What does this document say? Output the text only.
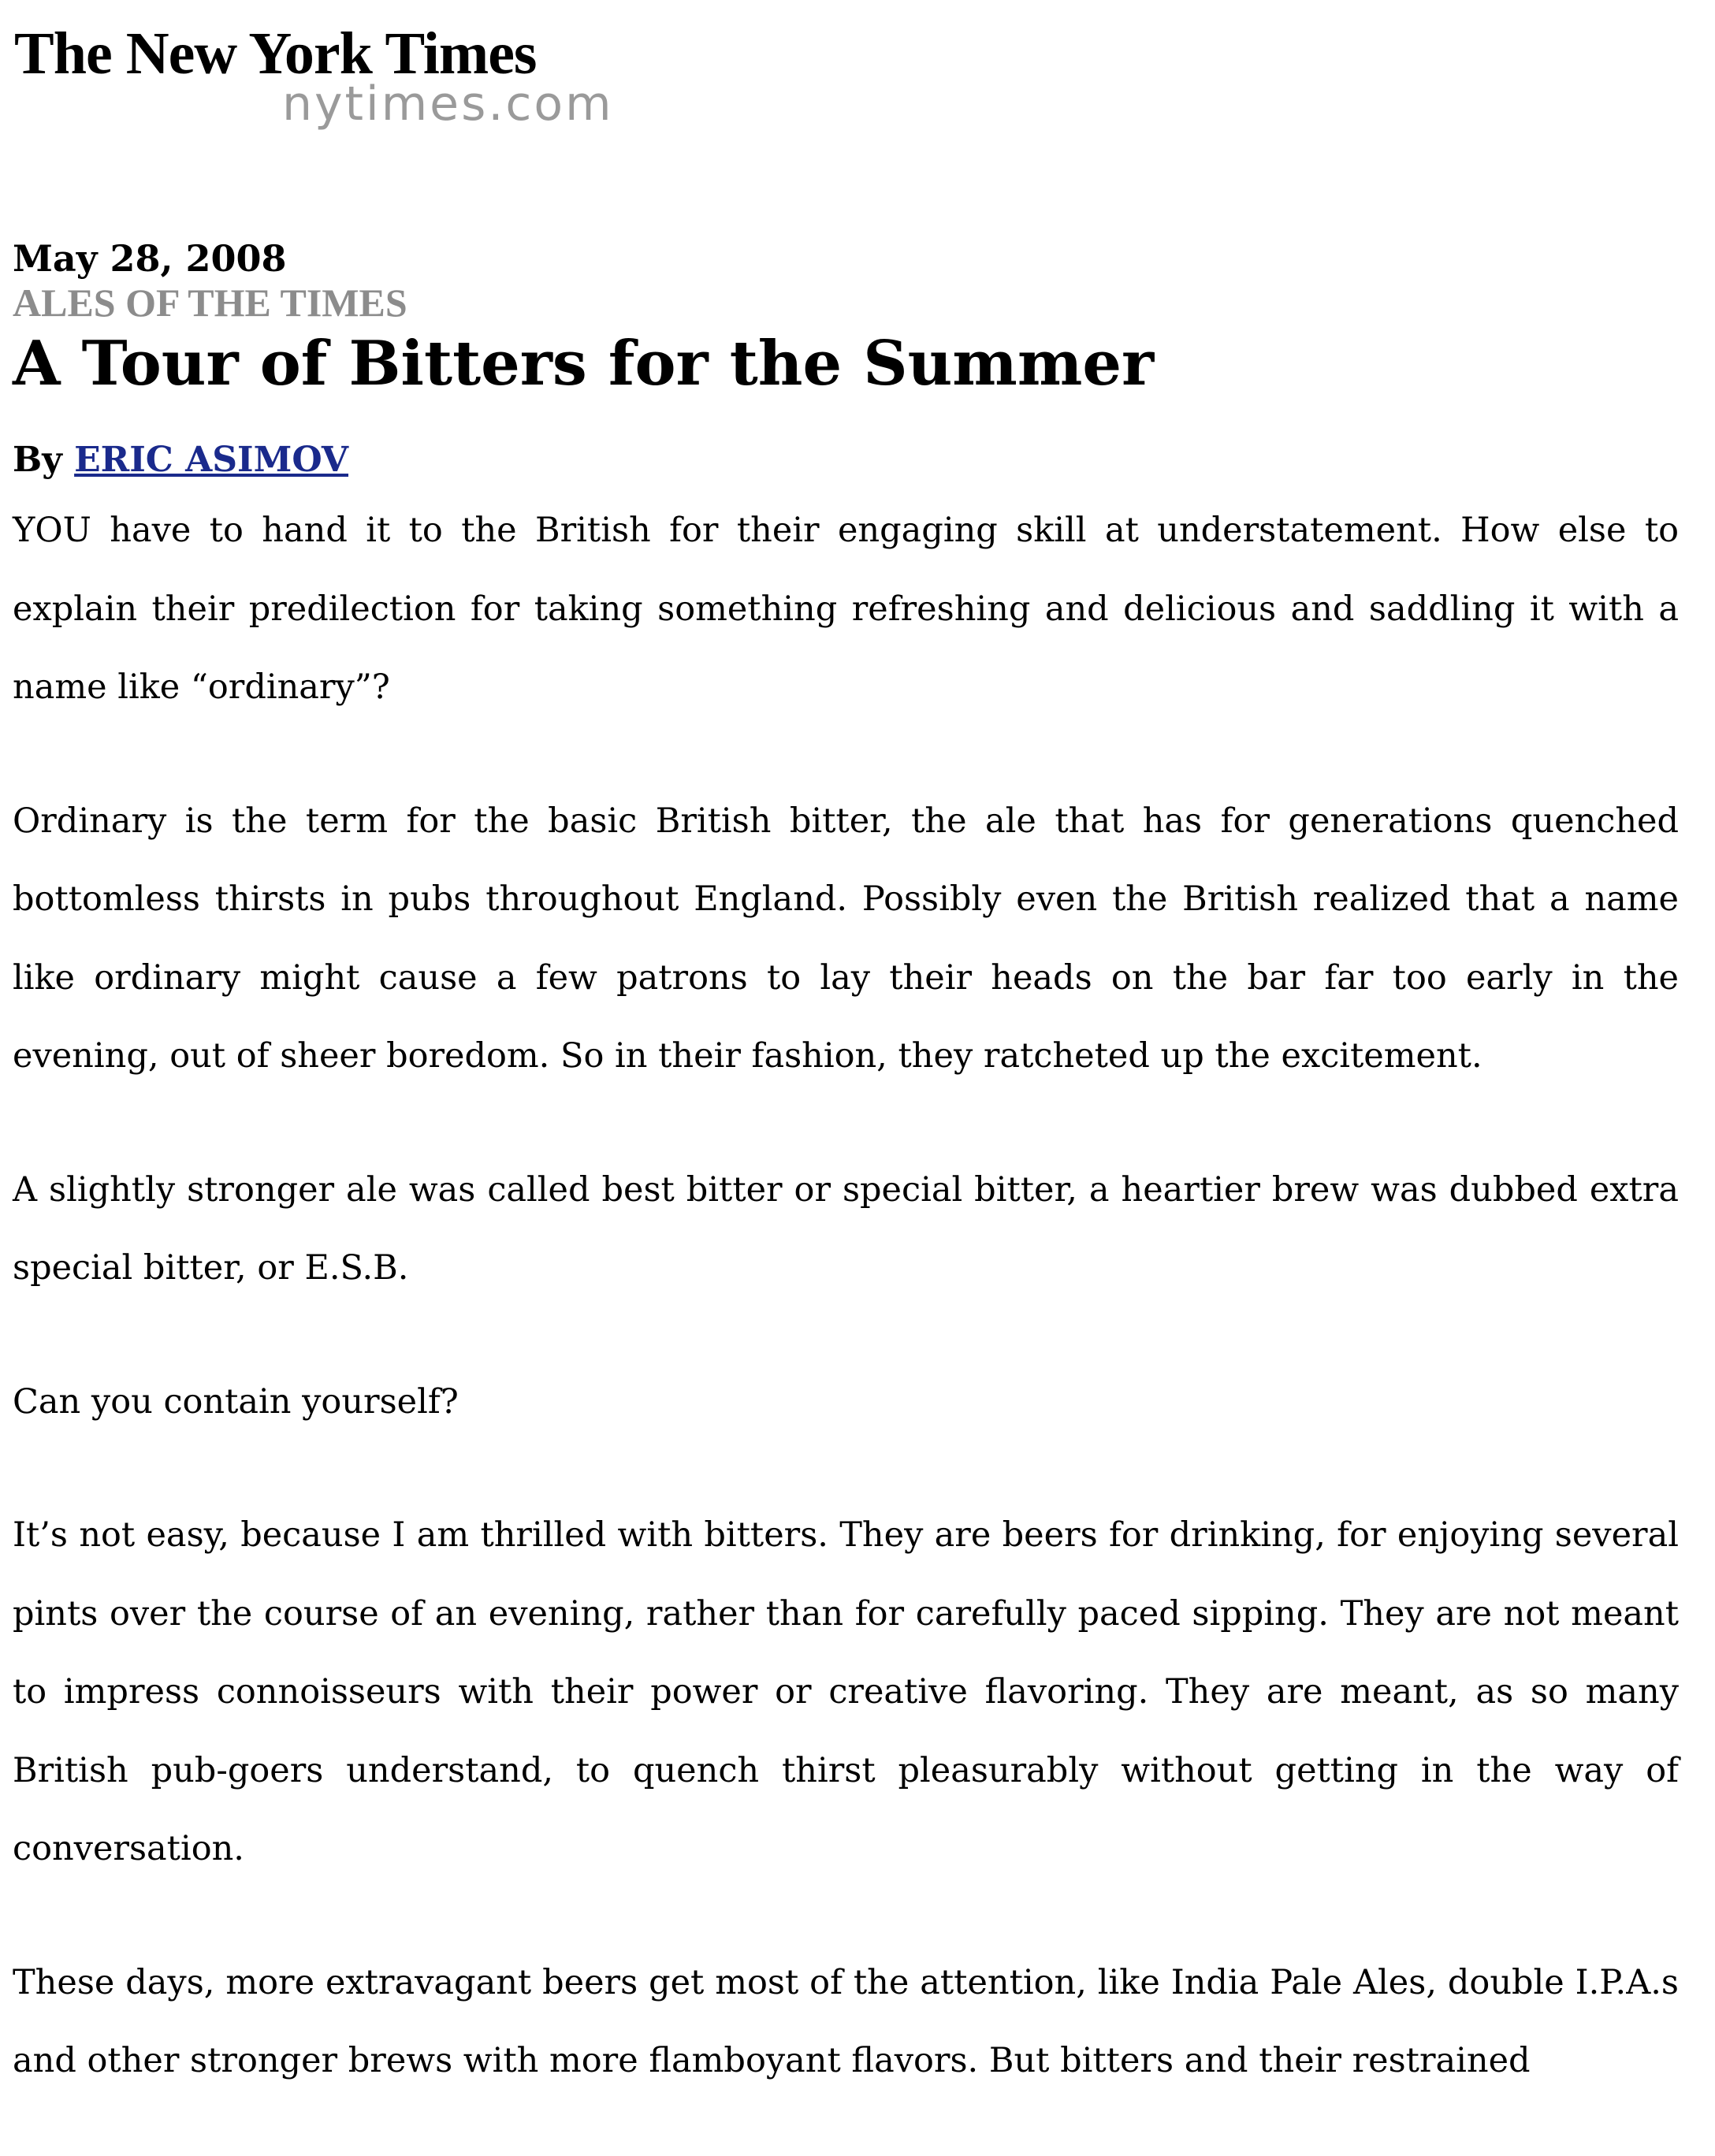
The New York Times
nytimes.com

May 28, 2008

ALES OF THE TIMES

A Tour of Bitters for the Summer

By ERIC ASIMOV

YOU have to hand it to the British for their engaging skill at understatement. How else to explain their predilection for taking something refreshing and delicious and saddling it with a name like “ordinary”?

Ordinary is the term for the basic British bitter, the ale that has for generations quenched bottomless thirsts in pubs throughout England. Possibly even the British realized that a name like ordinary might cause a few patrons to lay their heads on the bar far too early in the evening, out of sheer boredom. So in their fashion, they ratcheted up the excitement.

A slightly stronger ale was called best bitter or special bitter, a heartier brew was dubbed extra special bitter, or E.S.B.

Can you contain yourself?

It’s not easy, because I am thrilled with bitters. They are beers for drinking, for enjoying several pints over the course of an evening, rather than for carefully paced sipping. They are not meant to impress connoisseurs with their power or creative flavoring. They are meant, as so many British pub-goers understand, to quench thirst pleasurably without getting in the way of conversation.

These days, more extravagant beers get most of the attention, like India Pale Ales, double I.P.A.s and other stronger brews with more flamboyant flavors. But bitters and their restrained
